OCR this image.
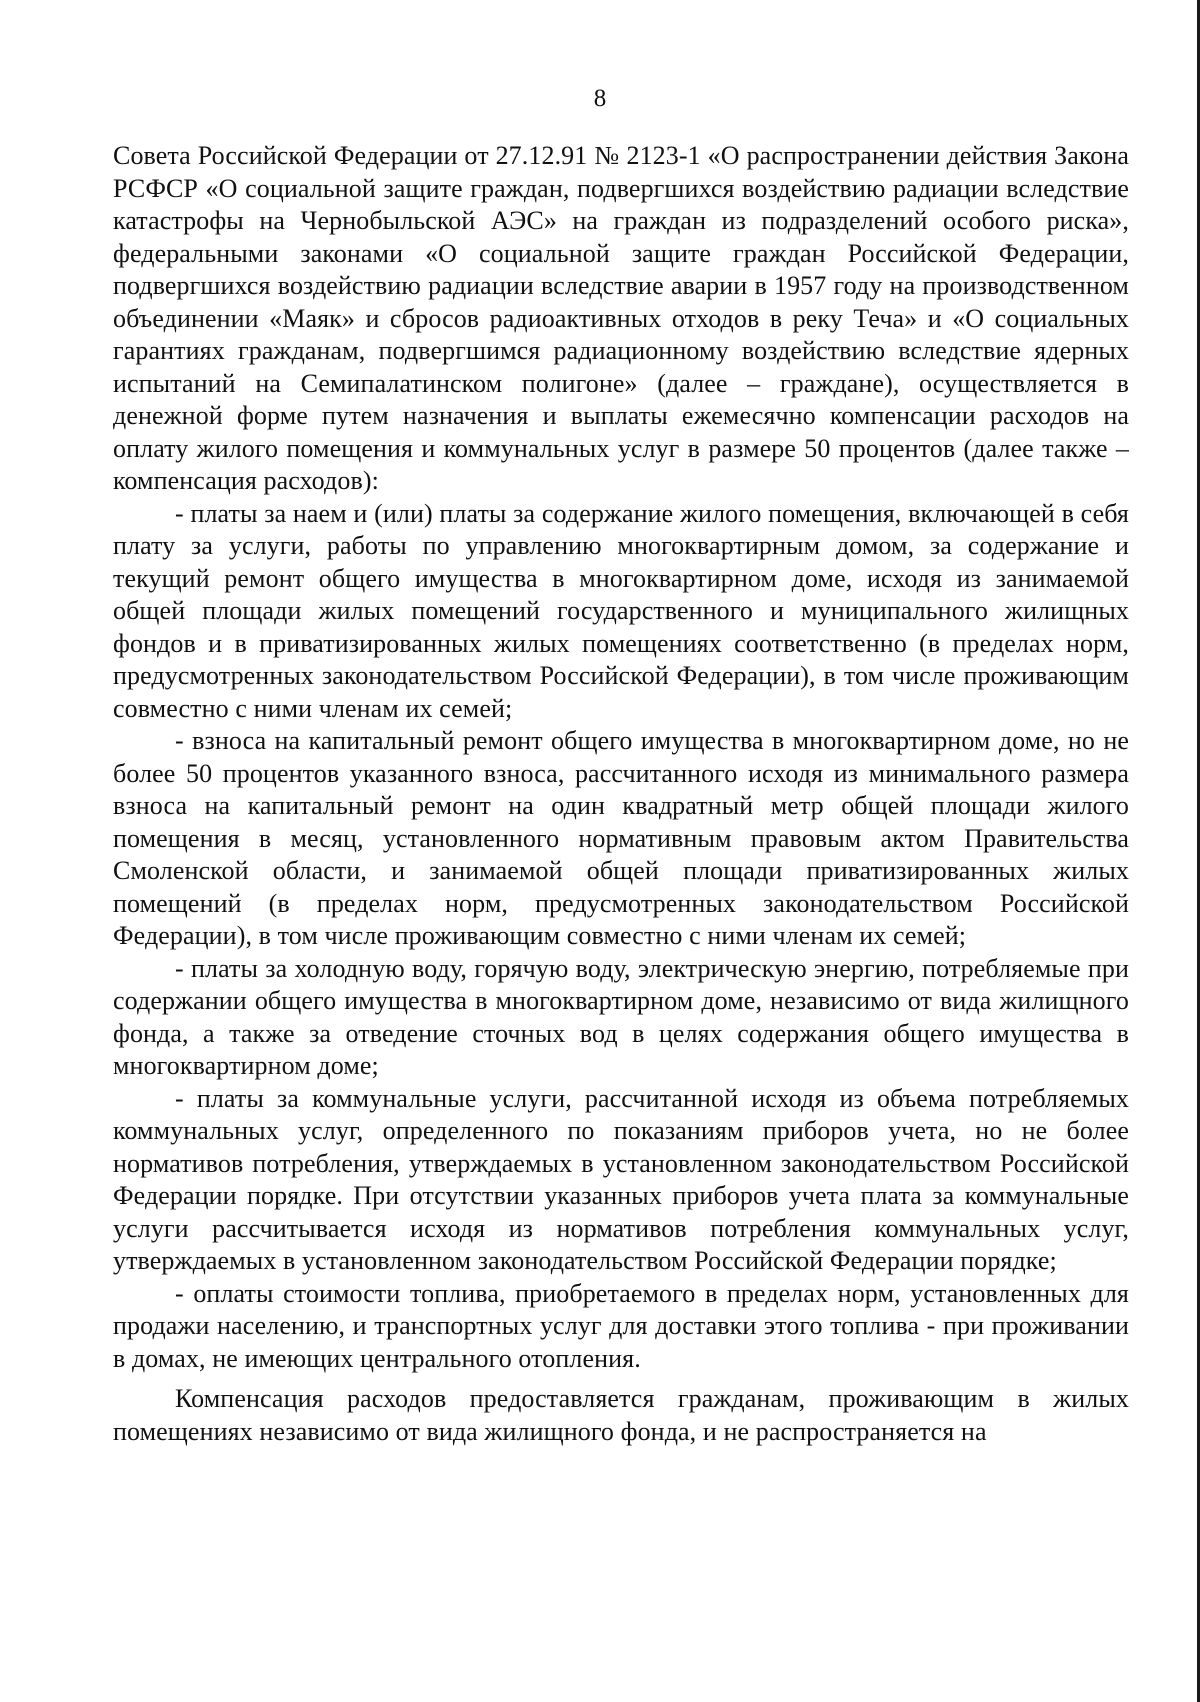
8

Совета Российской Федерации от 27.12.91 № 2123-1 «О распространении действия Закона РСФСР «О социальной защите граждан, подвергшихся воздействию радиации вследствие катастрофы на Чернобыльской АЭС» на граждан из подразделений особого риска», федеральными законами «О социальной защите граждан Российской Федерации, подвергшихся воздействию радиации вследствие аварии в 1957 году на производственном объединении «Маяк» и сбросов радиоактивных отходов в реку Теча» и «О социальных гарантиях гражданам, подвергшимся радиационному воздействию вследствие ядерных испытаний на Семипалатинском полигоне» (далее – граждане), осуществляется в денежной форме путем назначения и выплаты ежемесячно компенсации расходов на оплату жилого помещения и коммунальных услуг в размере 50 процентов (далее также – компенсация расходов):

- платы за наем и (или) платы за содержание жилого помещения, включающей в себя плату за услуги, работы по управлению многоквартирным домом, за содержание и текущий ремонт общего имущества в многоквартирном доме, исходя из занимаемой общей площади жилых помещений государственного и муниципального жилищных фондов и в приватизированных жилых помещениях соответственно (в пределах норм, предусмотренных законодательством Российской Федерации), в том числе проживающим совместно с ними членам их семей;

- взноса на капитальный ремонт общего имущества в многоквартирном доме, но не более 50 процентов указанного взноса, рассчитанного исходя из минимального размера взноса на капитальный ремонт на один квадратный метр общей площади жилого помещения в месяц, установленного нормативным правовым актом Правительства Смоленской области, и занимаемой общей площади приватизированных жилых помещений (в пределах норм, предусмотренных законодательством Российской Федерации), в том числе проживающим совместно с ними членам их семей;

- платы за холодную воду, горячую воду, электрическую энергию, потребляемые при содержании общего имущества в многоквартирном доме, независимо от вида жилищного фонда, а также за отведение сточных вод в целях содержания общего имущества в многоквартирном доме;

- платы за коммунальные услуги, рассчитанной исходя из объема потребляемых коммунальных услуг, определенного по показаниям приборов учета, но не более нормативов потребления, утверждаемых в установленном законодательством Российской Федерации порядке. При отсутствии указанных приборов учета плата за коммунальные услуги рассчитывается исходя из нормативов потребления коммунальных услуг, утверждаемых в установленном законодательством Российской Федерации порядке;

- оплаты стоимости топлива, приобретаемого в пределах норм, установленных для продажи населению, и транспортных услуг для доставки этого топлива - при проживании в домах, не имеющих центрального отопления.

Компенсация расходов предоставляется гражданам, проживающим в жилых помещениях независимо от вида жилищного фонда, и не распространяется на
